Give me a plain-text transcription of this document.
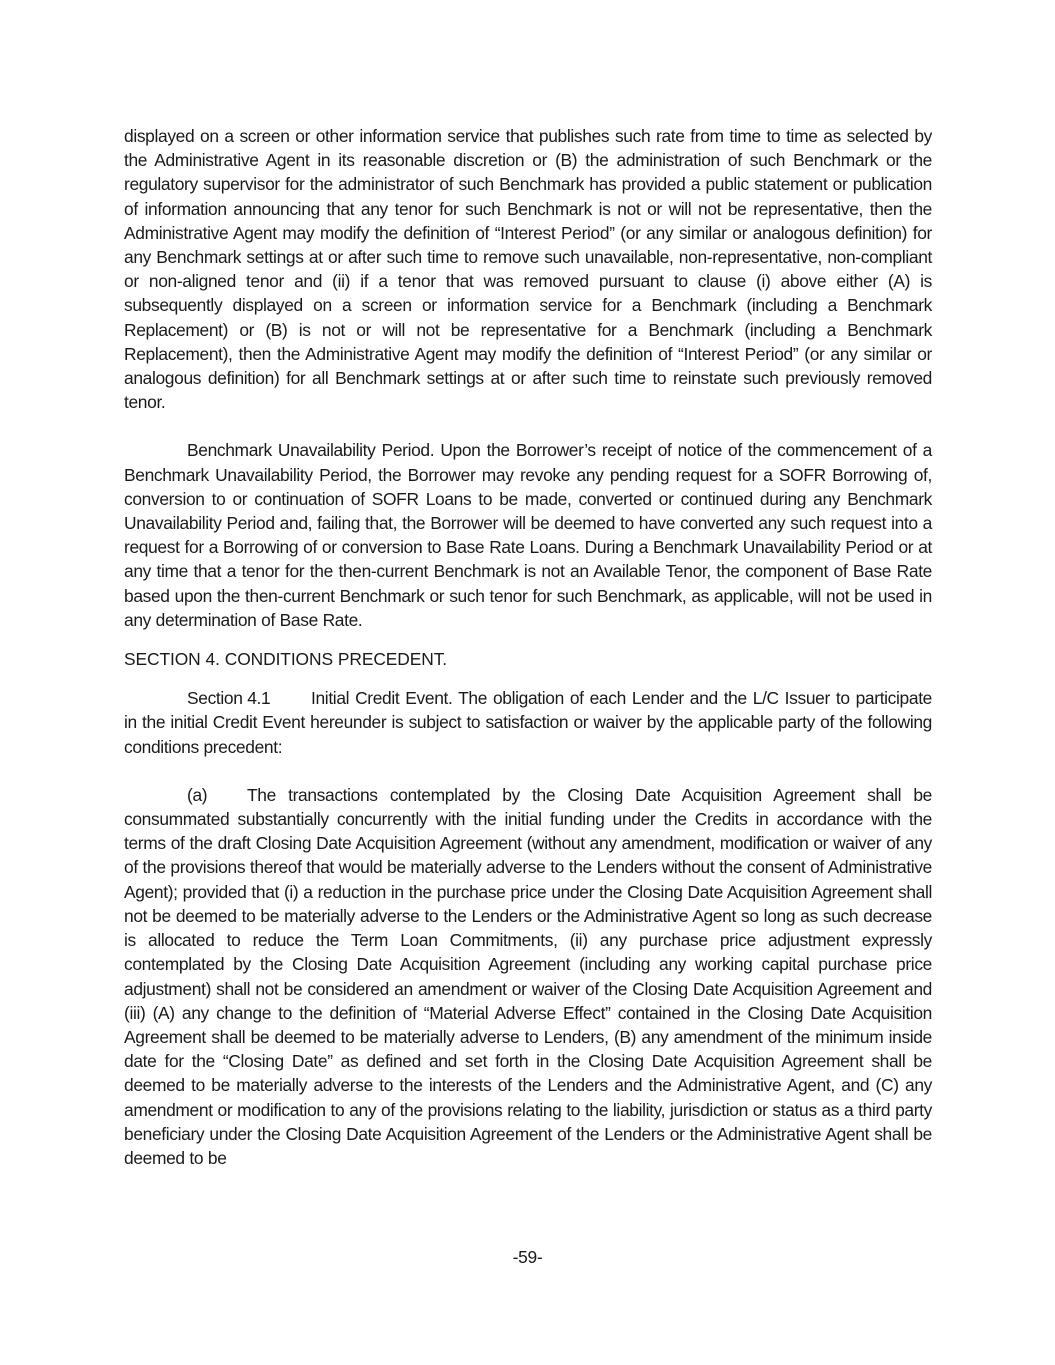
displayed on a screen or other information service that publishes such rate from time to time as selected by the Administrative Agent in its reasonable discretion or (B) the administration of such Benchmark or the regulatory supervisor for the administrator of such Benchmark has provided a public statement or publication of information announcing that any tenor for such Benchmark is not or will not be representative, then the Administrative Agent may modify the definition of “Interest Period” (or any similar or analogous definition) for any Benchmark settings at or after such time to remove such unavailable, non-representative, non-compliant or non-aligned tenor and (ii) if a tenor that was removed pursuant to clause (i) above either (A) is subsequently displayed on a screen or information service for a Benchmark (including a Benchmark Replacement) or (B) is not or will not be representative for a Benchmark (including a Benchmark Replacement), then the Administrative Agent may modify the definition of “Interest Period” (or any similar or analogous definition) for all Benchmark settings at or after such time to reinstate such previously removed tenor.

Benchmark Unavailability Period. Upon the Borrower’s receipt of notice of the commencement of a Benchmark Unavailability Period, the Borrower may revoke any pending request for a SOFR Borrowing of, conversion to or continuation of SOFR Loans to be made, converted or continued during any Benchmark Unavailability Period and, failing that, the Borrower will be deemed to have converted any such request into a request for a Borrowing of or conversion to Base Rate Loans. During a Benchmark Unavailability Period or at any time that a tenor for the then-current Benchmark is not an Available Tenor, the component of Base Rate based upon the then-current Benchmark or such tenor for such Benchmark, as applicable, will not be used in any determination of Base Rate.

SECTION 4. CONDITIONS PRECEDENT.

Section 4.1 Initial Credit Event. The obligation of each Lender and the L/C Issuer to participate in the initial Credit Event hereunder is subject to satisfaction or waiver by the applicable party of the following conditions precedent:

(a) The transactions contemplated by the Closing Date Acquisition Agreement shall be consummated substantially concurrently with the initial funding under the Credits in accordance with the terms of the draft Closing Date Acquisition Agreement (without any amendment, modification or waiver of any of the provisions thereof that would be materially adverse to the Lenders without the consent of Administrative Agent); provided that (i) a reduction in the purchase price under the Closing Date Acquisition Agreement shall not be deemed to be materially adverse to the Lenders or the Administrative Agent so long as such decrease is allocated to reduce the Term Loan Commitments, (ii) any purchase price adjustment expressly contemplated by the Closing Date Acquisition Agreement (including any working capital purchase price adjustment) shall not be considered an amendment or waiver of the Closing Date Acquisition Agreement and (iii) (A) any change to the definition of “Material Adverse Effect” contained in the Closing Date Acquisition Agreement shall be deemed to be materially adverse to Lenders, (B) any amendment of the minimum inside date for the “Closing Date” as defined and set forth in the Closing Date Acquisition Agreement shall be deemed to be materially adverse to the interests of the Lenders and the Administrative Agent, and (C) any amendment or modification to any of the provisions relating to the liability, jurisdiction or status as a third party beneficiary under the Closing Date Acquisition Agreement of the Lenders or the Administrative Agent shall be deemed to be

-59-
